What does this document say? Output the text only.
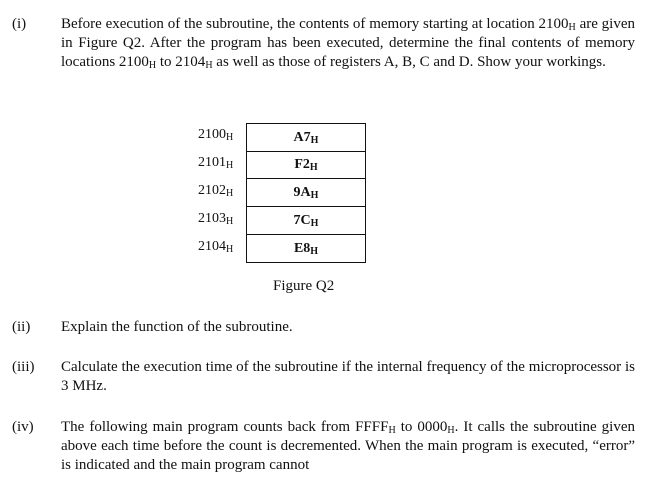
(i) Before execution of the subroutine, the contents of memory starting at location $2100_H$ are given in Figure Q2. After the program has been executed, determine the final contents of memory locations $2100_H$ to $2104_H$ as well as those of registers A, B, C and D. Show your workings.
$2100_H$	$A7_H$
$2101_H$	$F2_H$
$2102_H$	$9A_H$
$2103_H$	$7C_H$
$2104_H$	$E8_H$
Figure Q2
(ii) Explain the function of the subroutine.
(iii) Calculate the execution time of the subroutine if the internal frequency of the microprocessor is 3 MHz.
(iv) The following main program counts back from $FFFF_H$ to $0000_H$. It calls the subroutine given above each time before the count is decremented. When the main program is executed, “error” is indicated and the main program cannot
